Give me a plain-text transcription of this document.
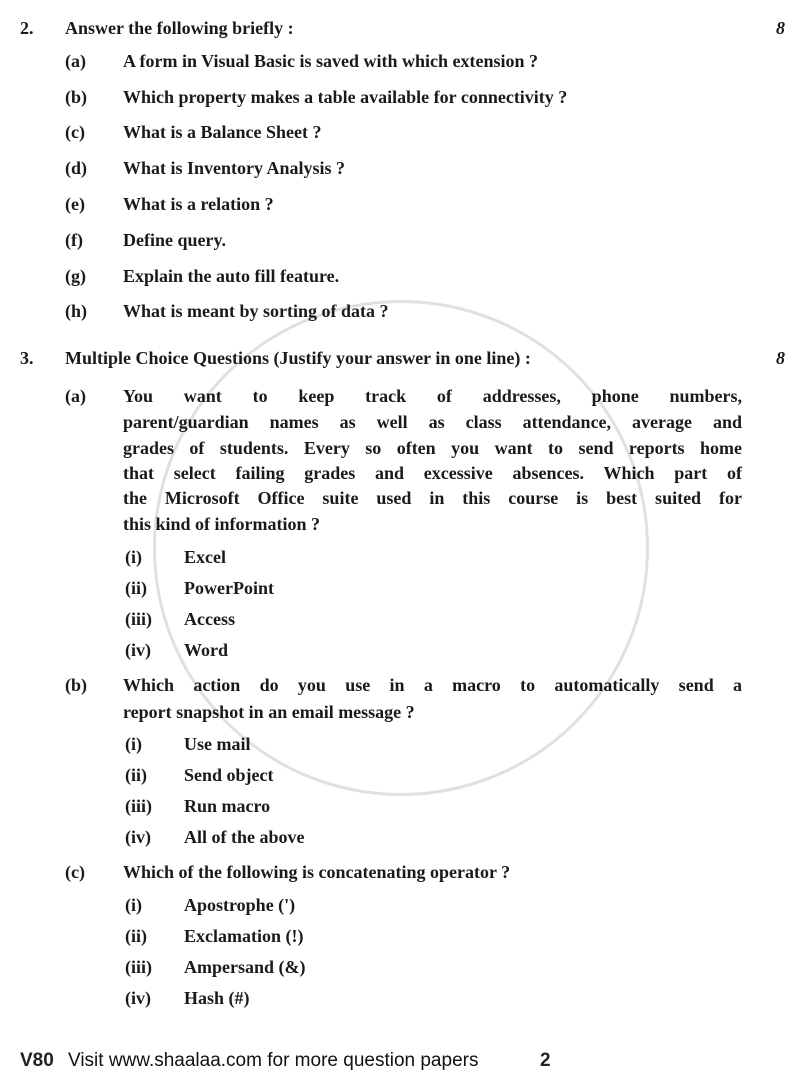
2. Answer the following briefly :	8
(a) A form in Visual Basic is saved with which extension ?
(b) Which property makes a table available for connectivity ?
(c) What is a Balance Sheet ?
(d) What is Inventory Analysis ?
(e) What is a relation ?
(f) Define query.
(g) Explain the auto fill feature.
(h) What is meant by sorting of data ?
3. Multiple Choice Questions (Justify your answer in one line) :	8
(a) You want to keep track of addresses, phone numbers,
parent/guardian names as well as class attendance, average and
grades of students. Every so often you want to send reports home
that select failing grades and excessive absences. Which part of
the Microsoft Office suite used in this course is best suited for
this kind of information ?
(i) Excel
(ii) PowerPoint
(iii) Access
(iv) Word
(b) Which action do you use in a macro to automatically send a
report snapshot in an email message ?
(i) Use mail
(ii) Send object
(iii) Run macro
(iv) All of the above
(c) Which of the following is concatenating operator ?
(i) Apostrophe (')
(ii) Exclamation (!)
(iii) Ampersand (&)
(iv) Hash (#)
V80 Visit www.shaalaa.com for more question papers	2
